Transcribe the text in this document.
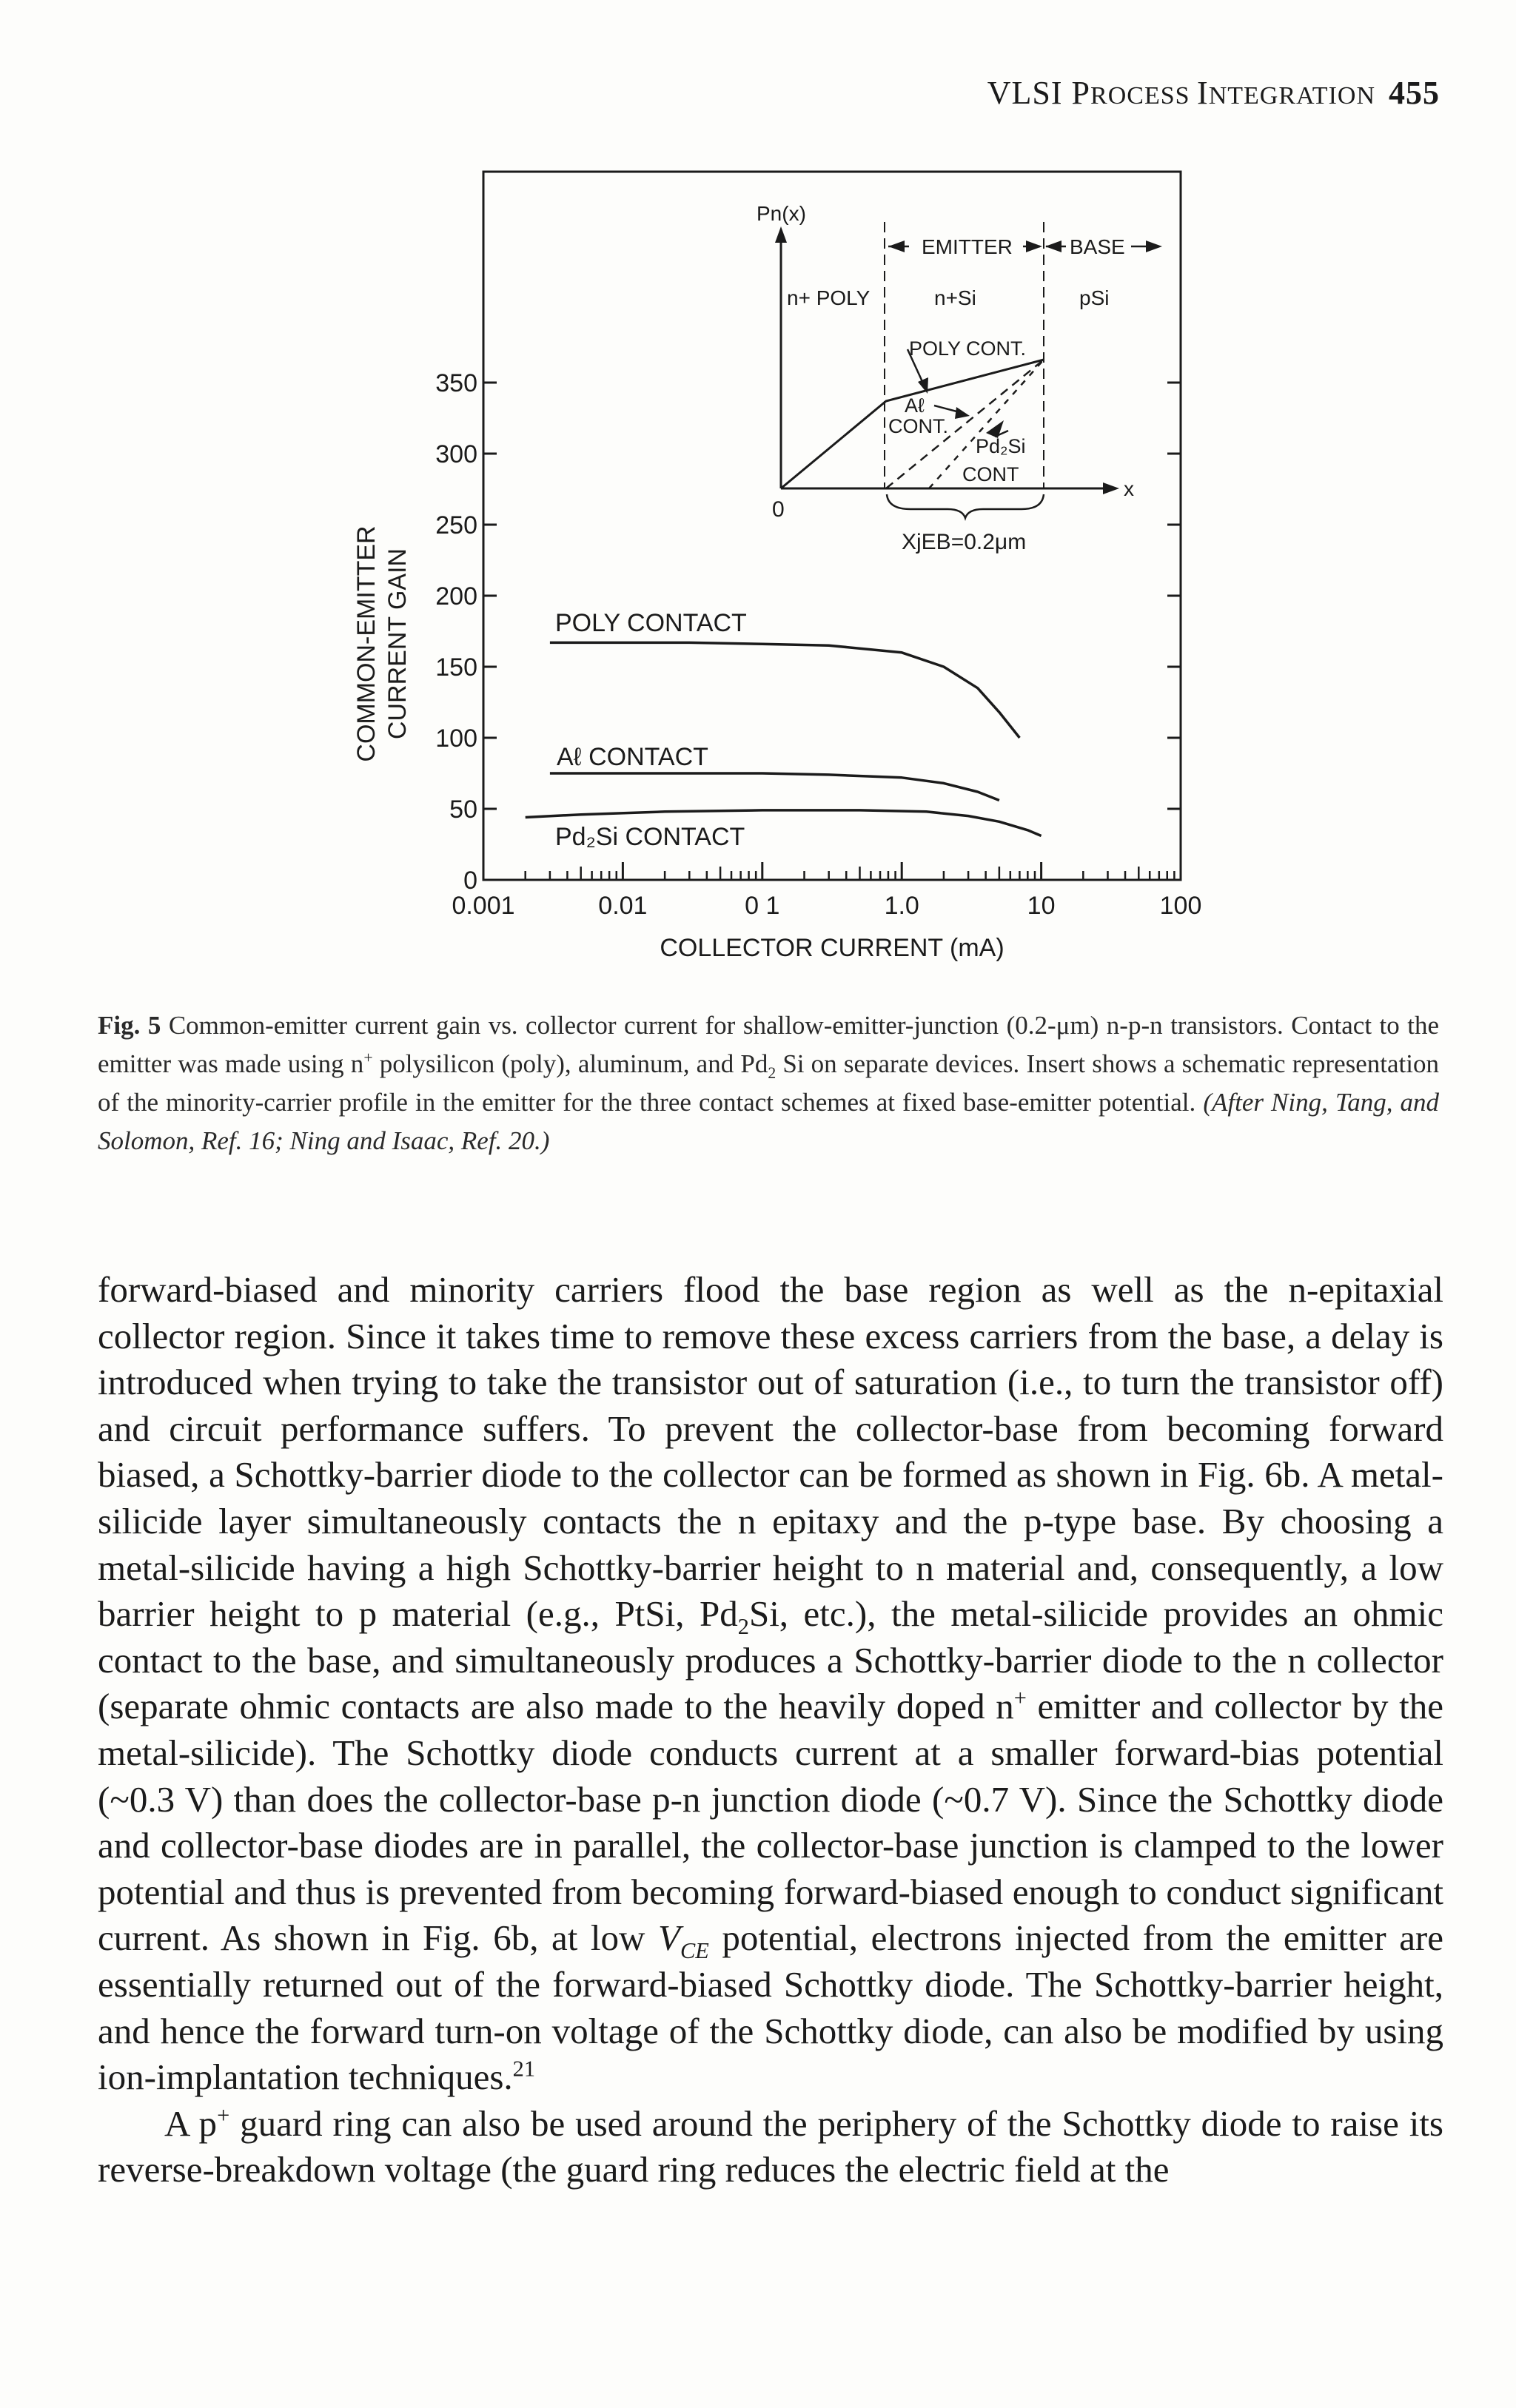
VLSI PROCESS INTEGRATION 455
0
50
100
150
200
250
300
350
0.001	0.01	0 1	1.0	10	100
POLY CONTACT
Aℓ CONTACT
Pd₂Si CONTACT
COLLECTOR CURRENT (mA)
COMMON-EMITTER CURRENT GAIN
Pn(x)
0
x
EMITTER	BASE
n+ POLY	n+Si	pSi
POLY CONT.
Aℓ
CONT.
Pd₂Si
CONT
XjEB=0.2μm
Fig. 5 Common-emitter current gain vs. collector current for shallow-emitter-junction (0.2-μm) n-p-n transistors. Contact to the emitter was made using n+ polysilicon (poly), aluminum, and $Pd_2$ Si on separate devices. Insert shows a schematic representation of the minority-carrier profile in the emitter for the three contact schemes at fixed base-emitter potential. (After Ning, Tang, and Solomon, Ref. 16; Ning and Isaac, Ref. 20.)

forward-biased and minority carriers flood the base region as well as the n-epitaxial collector region. Since it takes time to remove these excess carriers from the base, a delay is introduced when trying to take the transistor out of saturation (i.e., to turn the transistor off) and circuit performance suffers. To prevent the collector-base from becoming forward biased, a Schottky-barrier diode to the collector can be formed as shown in Fig. 6b. A metal-silicide layer simultaneously contacts the n epitaxy and the p-type base. By choosing a metal-silicide having a high Schottky-barrier height to n material and, consequently, a low barrier height to p material (e.g., PtSi, $Pd_2Si$, etc.), the metal-silicide provides an ohmic contact to the base, and simultaneously produces a Schottky-barrier diode to the n collector (separate ohmic contacts are also made to the heavily doped n+ emitter and collector by the metal-silicide). The Schottky diode conducts current at a smaller forward-bias potential (~0.3 V) than does the collector-base p-n junction diode (~0.7 V). Since the Schottky diode and collector-base diodes are in parallel, the collector-base junction is clamped to the lower potential and thus is prevented from becoming forward-biased enough to conduct significant current. As shown in Fig. 6b, at low $V_{CE}$ potential, electrons injected from the emitter are essentially returned out of the forward-biased Schottky diode. The Schottky-barrier height, and hence the forward turn-on voltage of the Schottky diode, can also be modified by using ion-implantation techniques.$^{21}$

A p+ guard ring can also be used around the periphery of the Schottky diode to raise its reverse-breakdown voltage (the guard ring reduces the electric field at the
